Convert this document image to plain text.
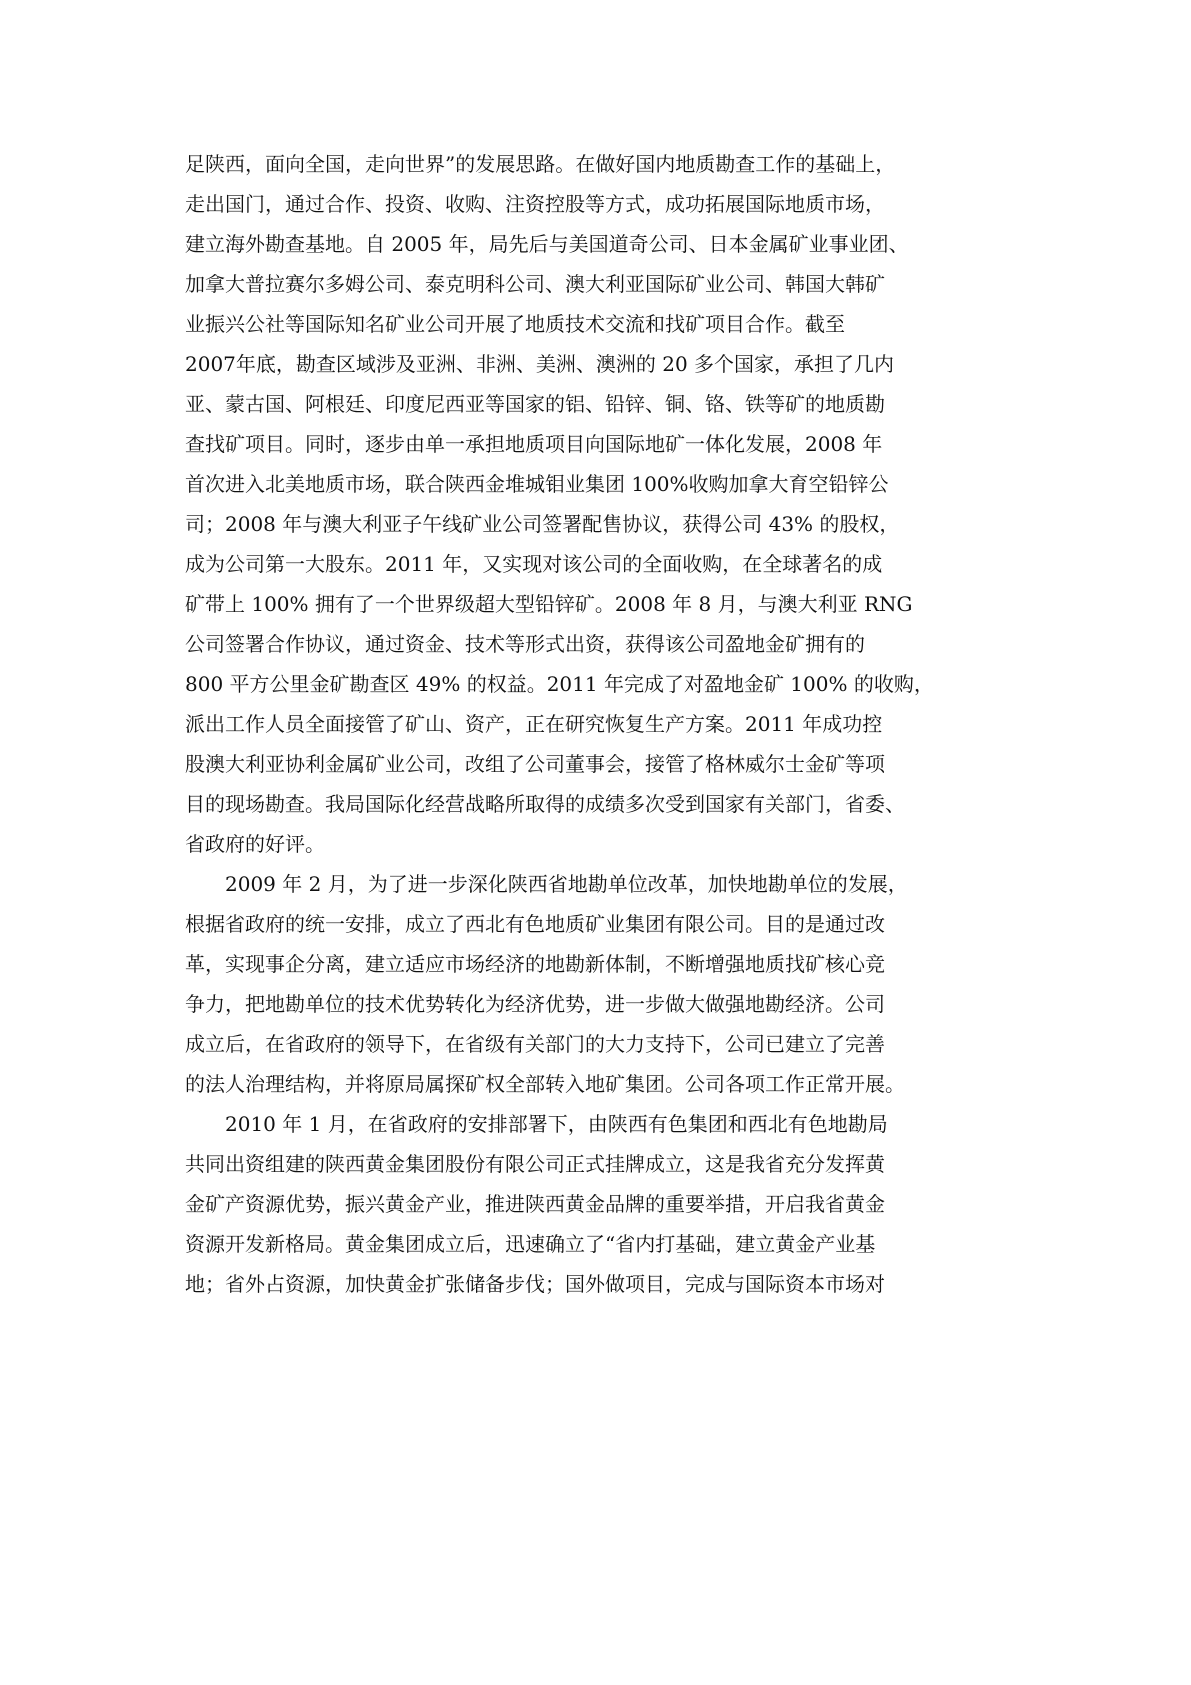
足陕西，面向全国，走向世界”的发展思路。在做好国内地质勘查工作的基础上，
走出国门，通过合作、投资、收购、注资控股等方式，成功拓展国际地质市场，
建立海外勘查基地。自 2005 年，局先后与美国道奇公司、日本金属矿业事业团、
加拿大普拉赛尔多姆公司、泰克明科公司、澳大利亚国际矿业公司、韩国大韩矿
业振兴公社等国际知名矿业公司开展了地质技术交流和找矿项目合作。截至
2007年底，勘查区域涉及亚洲、非洲、美洲、澳洲的 20 多个国家，承担了几内
亚、蒙古国、阿根廷、印度尼西亚等国家的铝、铅锌、铜、铬、铁等矿的地质勘
查找矿项目。同时，逐步由单一承担地质项目向国际地矿一体化发展，2008 年
首次进入北美地质市场，联合陕西金堆城钼业集团 100%收购加拿大育空铅锌公
司；2008 年与澳大利亚子午线矿业公司签署配售协议，获得公司 43% 的股权，
成为公司第一大股东。2011 年，又实现对该公司的全面收购，在全球著名的成
矿带上 100% 拥有了一个世界级超大型铅锌矿。2008 年 8 月，与澳大利亚 RNG
公司签署合作协议，通过资金、技术等形式出资，获得该公司盈地金矿拥有的
800 平方公里金矿勘查区 49% 的权益。2011 年完成了对盈地金矿 100% 的收购，
派出工作人员全面接管了矿山、资产，正在研究恢复生产方案。2011 年成功控
股澳大利亚协利金属矿业公司，改组了公司董事会，接管了格林威尔士金矿等项
目的现场勘查。我局国际化经营战略所取得的成绩多次受到国家有关部门，省委、
省政府的好评。
2009 年 2 月，为了进一步深化陕西省地勘单位改革，加快地勘单位的发展，
根据省政府的统一安排，成立了西北有色地质矿业集团有限公司。目的是通过改
革，实现事企分离，建立适应市场经济的地勘新体制，不断增强地质找矿核心竞
争力，把地勘单位的技术优势转化为经济优势，进一步做大做强地勘经济。公司
成立后，在省政府的领导下，在省级有关部门的大力支持下，公司已建立了完善
的法人治理结构，并将原局属探矿权全部转入地矿集团。公司各项工作正常开展。
2010 年 1 月，在省政府的安排部署下，由陕西有色集团和西北有色地勘局
共同出资组建的陕西黄金集团股份有限公司正式挂牌成立，这是我省充分发挥黄
金矿产资源优势，振兴黄金产业，推进陕西黄金品牌的重要举措，开启我省黄金
资源开发新格局。黄金集团成立后，迅速确立了“省内打基础，建立黄金产业基
地；省外占资源，加快黄金扩张储备步伐；国外做项目，完成与国际资本市场对
